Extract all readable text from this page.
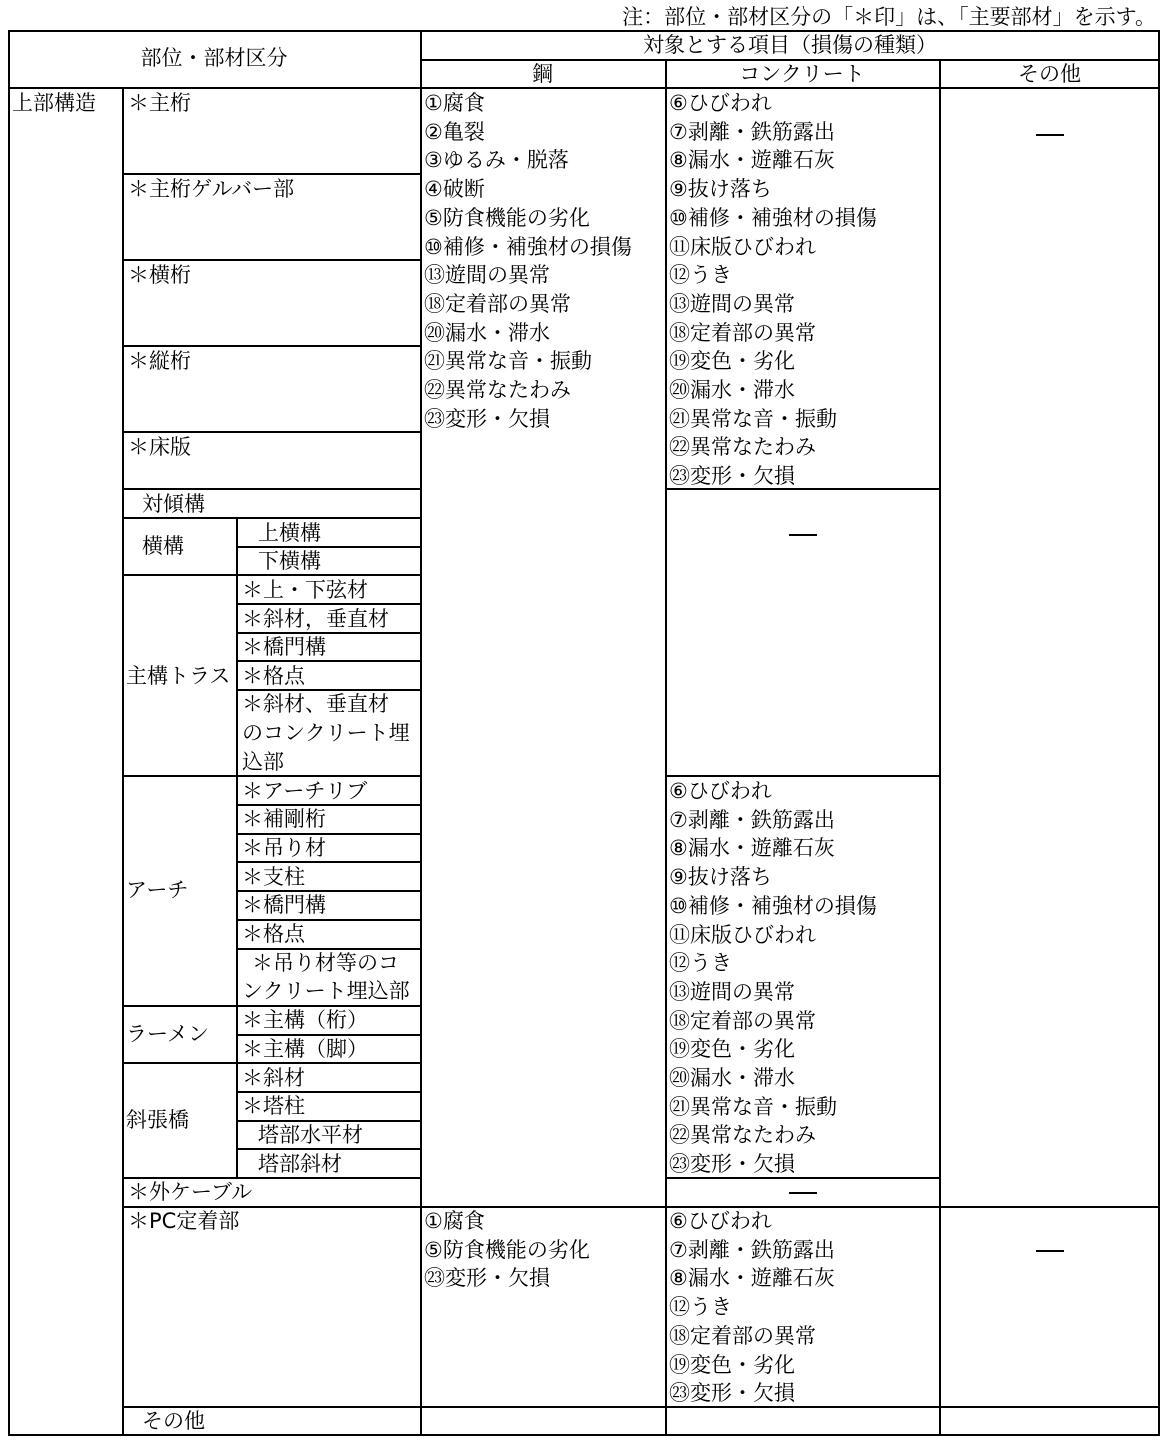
注：部位・部材区分の「＊印」は、「主要部材」を示す。
部位・部材区分
対象とする項目（損傷の種類）
鋼	コンクリート	その他
上部構造 ＊主桁
＊主桁ゲルバー部
＊横桁
＊縦桁
＊床版
対傾構
横構
上横構
下横構
主構トラス
＊上・下弦材
＊斜材，垂直材
＊橋門構
＊格点
＊斜材、垂直材
のコンクリート埋
込部
アーチ
＊アーチリブ
＊補剛桁
＊吊り材
＊支柱
＊橋門構
＊格点
＊吊り材等のコ
ンクリート埋込部
ラーメン
＊主構（桁）
＊主構（脚）
斜張橋
＊斜材
＊塔柱
塔部水平材
塔部斜材
＊外ケーブル
＊PC定着部
その他
①腐食
②亀裂
③ゆるみ・脱落
④破断
⑤防食機能の劣化
⑩補修・補強材の損傷
⑬遊間の異常
⑱定着部の異常
⑳漏水・滞水
㉑異常な音・振動
㉒異常なたわみ
㉓変形・欠損
⑥ひびわれ
⑦剥離・鉄筋露出
⑧漏水・遊離石灰
⑨抜け落ち
⑩補修・補強材の損傷
⑪床版ひびわれ
⑫うき
⑬遊間の異常
⑱定着部の異常
⑲変色・劣化
⑳漏水・滞水
㉑異常な音・振動
㉒異常なたわみ
㉓変形・欠損
⑥ひびわれ
⑦剥離・鉄筋露出
⑧漏水・遊離石灰
⑨抜け落ち
⑩補修・補強材の損傷
⑪床版ひびわれ
⑫うき
⑬遊間の異常
⑱定着部の異常
⑲変色・劣化
⑳漏水・滞水
㉑異常な音・振動
㉒異常なたわみ
㉓変形・欠損
①腐食
⑤防食機能の劣化
㉓変形・欠損
⑥ひびわれ
⑦剥離・鉄筋露出
⑧漏水・遊離石灰
⑫うき
⑱定着部の異常
⑲変色・劣化
㉓変形・欠損
